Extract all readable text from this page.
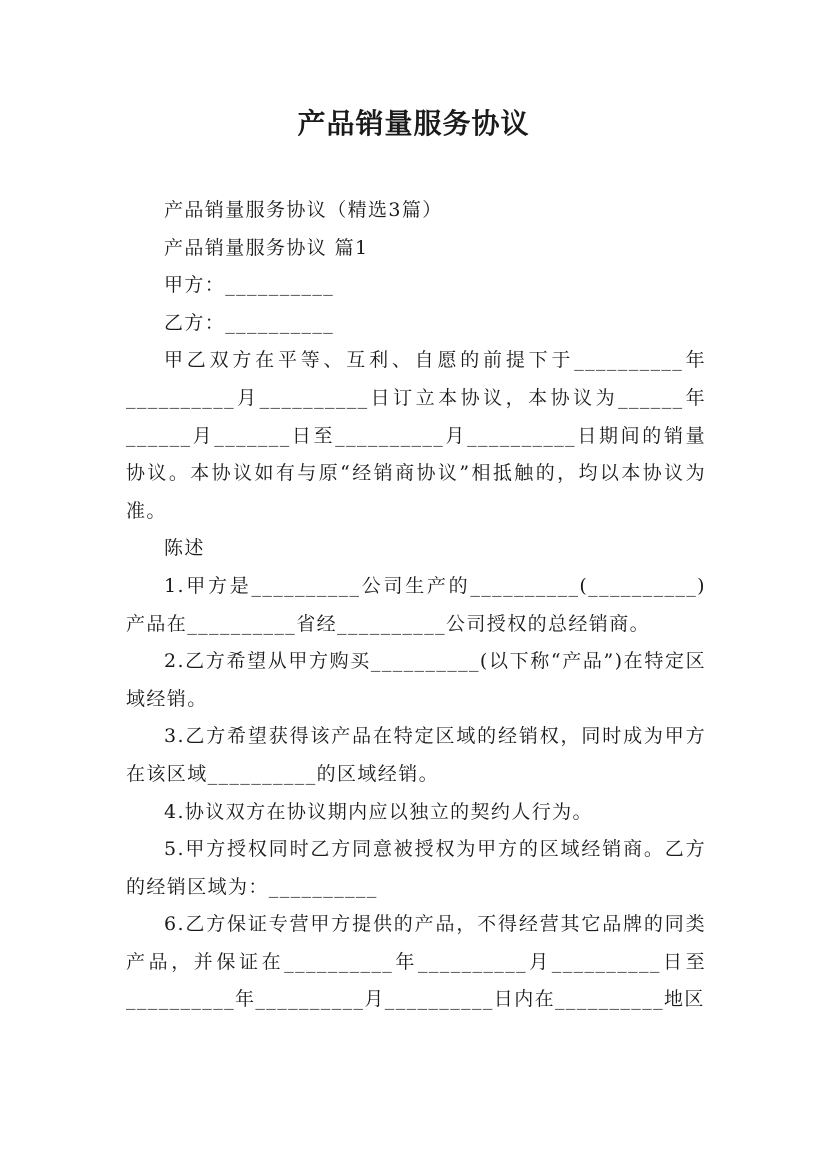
产品销量服务协议

产品销量服务协议（精选3篇）

产品销量服务协议 篇1

甲方：__________

乙方：__________

甲乙双方在平等、互利、自愿的前提下于__________年__________月__________日订立本协议，本协议为______年______月_______日至__________月__________日期间的销量协议。本协议如有与原“经销商协议”相抵触的，均以本协议为准。

陈述

1.甲方是__________公司生产的__________(__________)产品在__________省经__________公司授权的总经销商。

2.乙方希望从甲方购买__________(以下称“产品”)在特定区域经销。

3.乙方希望获得该产品在特定区域的经销权，同时成为甲方在该区域__________的区域经销。

4.协议双方在协议期内应以独立的契约人行为。

5.甲方授权同时乙方同意被授权为甲方的区域经销商。乙方的经销区域为：__________

6.乙方保证专营甲方提供的产品，不得经营其它品牌的同类产品，并保证在__________年__________月__________日至__________年__________月__________日内在__________地区
